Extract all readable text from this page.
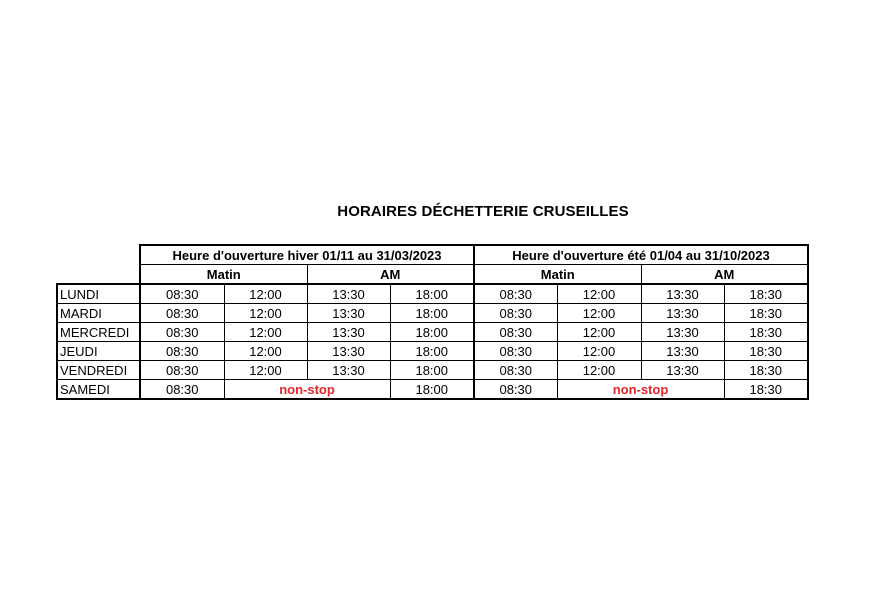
HORAIRES DÉCHETTERIE CRUSEILLES
	Heure d'ouverture hiver 01/11 au 31/03/2023				Heure d'ouverture été 01/04 au 31/10/2023			
	Matin		AM		Matin		AM	
LUNDI	08:30	12:00	13:30	18:00	08:30	12:00	13:30	18:30
MARDI	08:30	12:00	13:30	18:00	08:30	12:00	13:30	18:30
MERCREDI	08:30	12:00	13:30	18:00	08:30	12:00	13:30	18:30
JEUDI	08:30	12:00	13:30	18:00	08:30	12:00	13:30	18:30
VENDREDI	08:30	12:00	13:30	18:00	08:30	12:00	13:30	18:30
SAMEDI	08:30	non-stop		18:00	08:30	non-stop		18:30
